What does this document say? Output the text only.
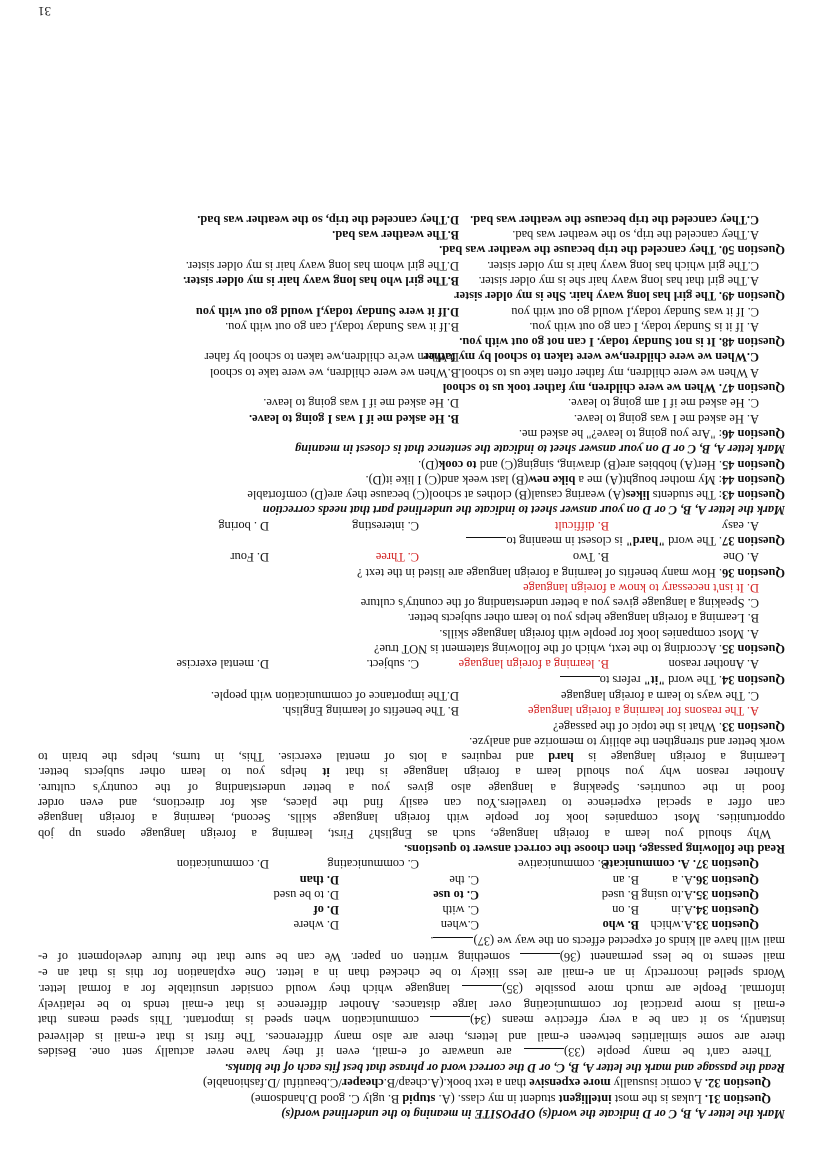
Mark the letter A, B, C or D indicate the word(s) OPPOSITE in meaning to the underlined word(s)
Question 31. Lukas is the most intelligent student in my class. (A. stupid B. ugly C. good D.handsome)
Question 32. A comic isusually more expensive than a text book.(A.cheap/B.cheaper/C.beautiful /D.fashionable)
Read the passage and mark the letter A, B, C, or D the correct word or phrase that best fits each of the blanks.
There can't be many people (33) are unaware of e-mail, even if they have never actually sent one. Besides
there are some similarities between e-mail and letters, there are also many differences. The first is that e-mail is delivered
instantly, so it can be a very effective means (34) communication when speed is important. This speed means that
e-mail is more practical for communicating over large distances. Another difference is that e-mail tends to be relatively
informal. People are much more possible (35) language which they would consider unsuitable for a formal letter.
Words spelled incorrectly in an e-mail are less likely to be checked than in a letter. One explanation for this is that an e-
mail seems to be less permanent (36) something written on paper. We can be sure that the future development of e-
mail will have all kinds of expected effects on the way we (37).
Question 33.A.which
B. who
C.when
D. where
Question 34.A.in
B. on
C. with
D. of
Question 35.A.to using
B. used
C. to use
D. to be used
Question 36.A. a
B. an
C. the
D. than
Question 37. A. communicate
B. communicative
C. communicating
D. communication
Read the following passage, then choose the correct answer to questions.
Why should you learn a foreign language, such as English? First, learning a foreign language opens up job
opportunities. Most companies look for people with foreign language skills. Second, learning a foreign language
can offer a special experience to travellers.You can easily find the places, ask for directions, and even order
food in the countries. Speaking a language also gives you a better understanding of the country's culture.
Another reason why you should learn a foreign language is that it helps you to learn other subjects better.
Learning a foreign language is hard and requires a lots of mental exercise. This, in turns, helps the brain to
work better and strengthen the ability to memorize and analyze.
Question 33. What is the topic of the passage?
A. The reasons for learning a foreign language
B. The benefits of learning English.
C. The ways to learn a foreign language
D.The importance of communication with people.
Question 34. The word "it" refers to
A. Another reason
B. learning a foreign language
C. subject.
D. mental exercise
Question 35. According to the text, which of the following statement is NOT true?
A. Most companies look for people with foreign language skills.
B. Learning a foreign language helps you to learn other subjects better.
C. Speaking a language gives you a better understanding of the country's culture
D. It isn't necessary to know a foreign language
Question 36. How many benefits of learning a foreign language are listed in the text ?
A. One
B. Two
C. Three
D. Four
Question 37. The word "hard" is closest in meaning to
A. easy
B. difficult
C. interesting
D . boring
Mark the letter A, B, C or D on your answer sheet to indicate the underlined part that needs correction
Question 43: The students likes(A) wearing casual(B) clothes at school(C) because they are(D) comfortable
Question 44: My mother bought(A) me a bike new(B) last week and(C) I like it(D).
Question 45. Her(A) hobbies are(B) drawing, singing(C) and to cook(D).
Mark letter A, B, C or D on your answer sheet to indicate the sentence that is closest in meaning
Question 46: "Are you going to leave?" he asked me.
A. He asked me I was going to leave.
B. He asked me if I was I going to leave.
C. He asked me if I am going to leave.
D. He asked me if I was going to leave.
Question 47. When we were children, my father took us to school
A When we were children, my father often take us to school.
B.When we were children, we were take to school
C.When we were children,we were taken to school by my father
D.When we're children,we taken to school by faher
Question 48. It is not Sunday today. I can not go out with you.
A. If it is Sunday today, I can go out with you.
B.If it was Sunday today,I can go out with you.
C. If it was Sunday today,I would go out with you
D.If it were Sunday today,I would go out with you
Question 49. The girl has long wavy hair. She is my older sister
A.The girl that has long wavy hair she is my older sister.
B.The girl who has long wavy hair is my older sister.
C.The girl which has long wavy hair is my older sister.
D.The girl whom has long wavy hair is my older sister.
Question 50. They canceled the trip because the weather was bad.
A.They canceled the trip, so the weather was bad.
B.The weather was bad.
C.They canceled the trip because the weather was bad.
D.They canceled the trip, so the weather was bad.
31
